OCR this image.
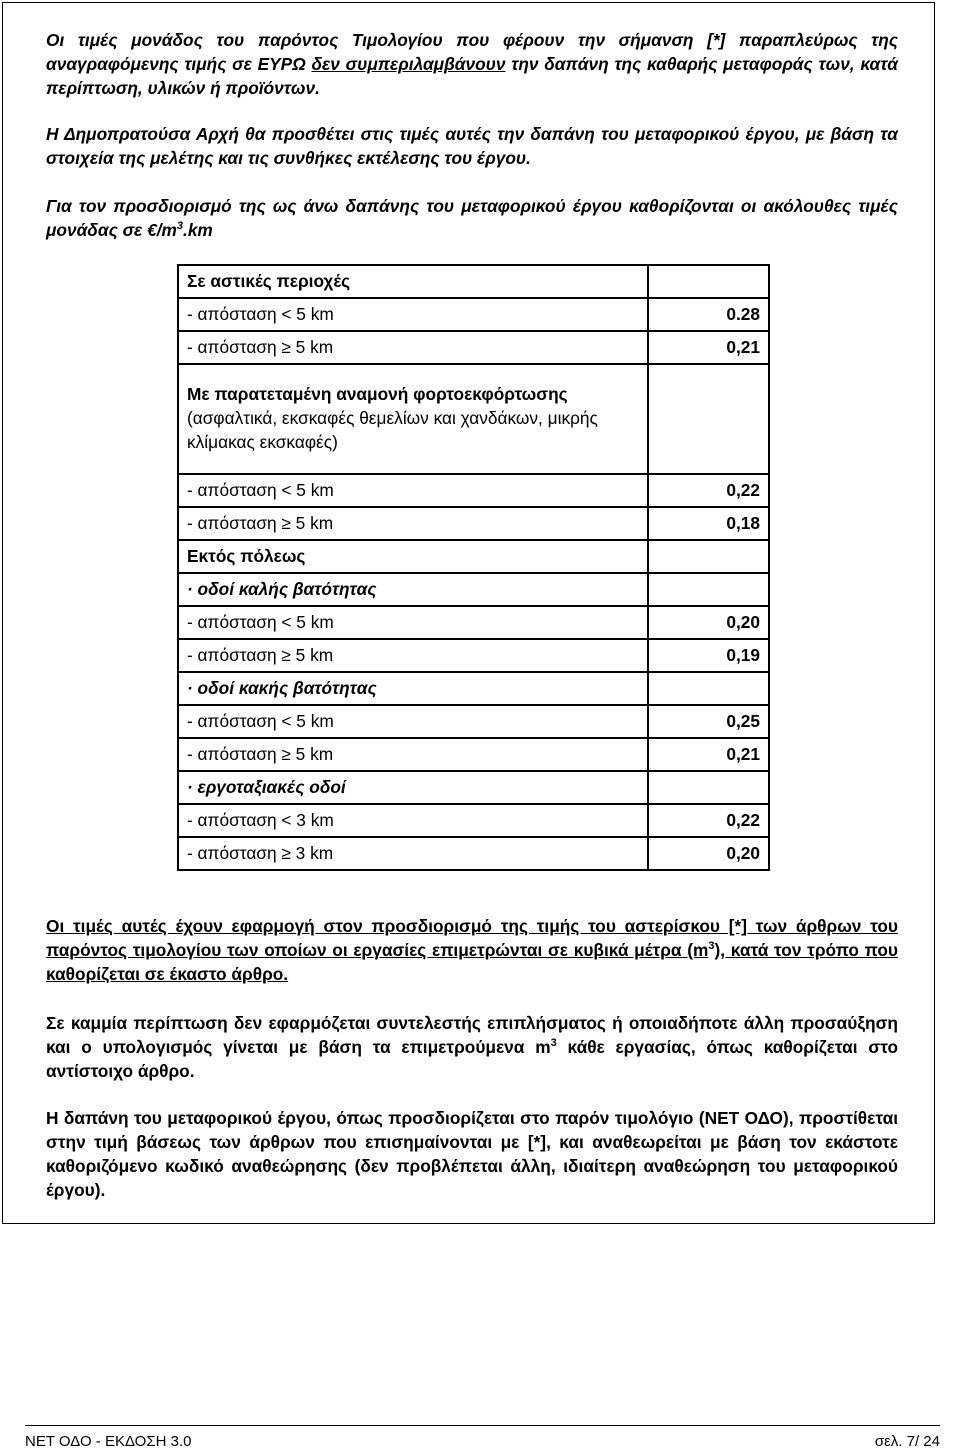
Οι τιμές μονάδος του παρόντος Τιμολογίου που φέρουν την σήμανση [*] παραπλεύρως της αναγραφόμενης τιμής σε ΕΥΡΩ δεν συμπεριλαμβάνουν την δαπάνη της καθαρής μεταφοράς των, κατά περίπτωση, υλικών ή προϊόντων.

Η Δημοπρατούσα Αρχή θα προσθέτει στις τιμές αυτές την δαπάνη του μεταφορικού έργου, με βάση τα στοιχεία της μελέτης και τις συνθήκες εκτέλεσης του έργου.

Για τον προσδιορισμό της ως άνω δαπάνης του μεταφορικού έργου καθορίζονται οι ακόλουθες τιμές μονάδας σε $€/m^3.km$

Σε αστικές περιοχές	
- απόσταση < 5 km	0.28
- απόσταση ≥ 5 km	0,21
Με παρατεταμένη αναμονή φορτοεκφόρτωσης (ασφαλτικά, εκσκαφές θεμελίων και χανδάκων, μικρής κλίμακας εκσκαφές)	
- απόσταση < 5 km	0,22
- απόσταση ≥ 5 km	0,18
Εκτός πόλεως	
· οδοί καλής βατότητας	
- απόσταση < 5 km	0,20
- απόσταση ≥ 5 km	0,19
· οδοί κακής βατότητας	
- απόσταση < 5 km	0,25
- απόσταση ≥ 5 km	0,21
· εργοταξιακές οδοί	
- απόσταση < 3 km	0,22
- απόσταση ≥ 3 km	0,20

Οι τιμές αυτές έχουν εφαρμογή στον προσδιορισμό της τιμής του αστερίσκου [*] των άρθρων του παρόντος τιμολογίου των οποίων οι εργασίες επιμετρώνται σε κυβικά μέτρα $(m^3)$, κατά τον τρόπο που καθορίζεται σε έκαστο άρθρο.

Σε καμμία περίπτωση δεν εφαρμόζεται συντελεστής επιπλήσματος ή οποιαδήποτε άλλη προσαύξηση και ο υπολογισμός γίνεται με βάση τα επιμετρούμενα $m^3$ κάθε εργασίας, όπως καθορίζεται στο αντίστοιχο άρθρο.

Η δαπάνη του μεταφορικού έργου, όπως προσδιορίζεται στο παρόν τιμολόγιο (ΝΕΤ ΟΔΟ), προστίθεται στην τιμή βάσεως των άρθρων που επισημαίνονται με [*], και αναθεωρείται με βάση τον εκάστοτε καθοριζόμενο κωδικό αναθεώρησης (δεν προβλέπεται άλλη, ιδιαίτερη αναθεώρηση του μεταφορικού έργου).

ΝΕΤ ΟΔΟ - ΕΚΔΟΣΗ 3.0	σελ. 7/ 24
